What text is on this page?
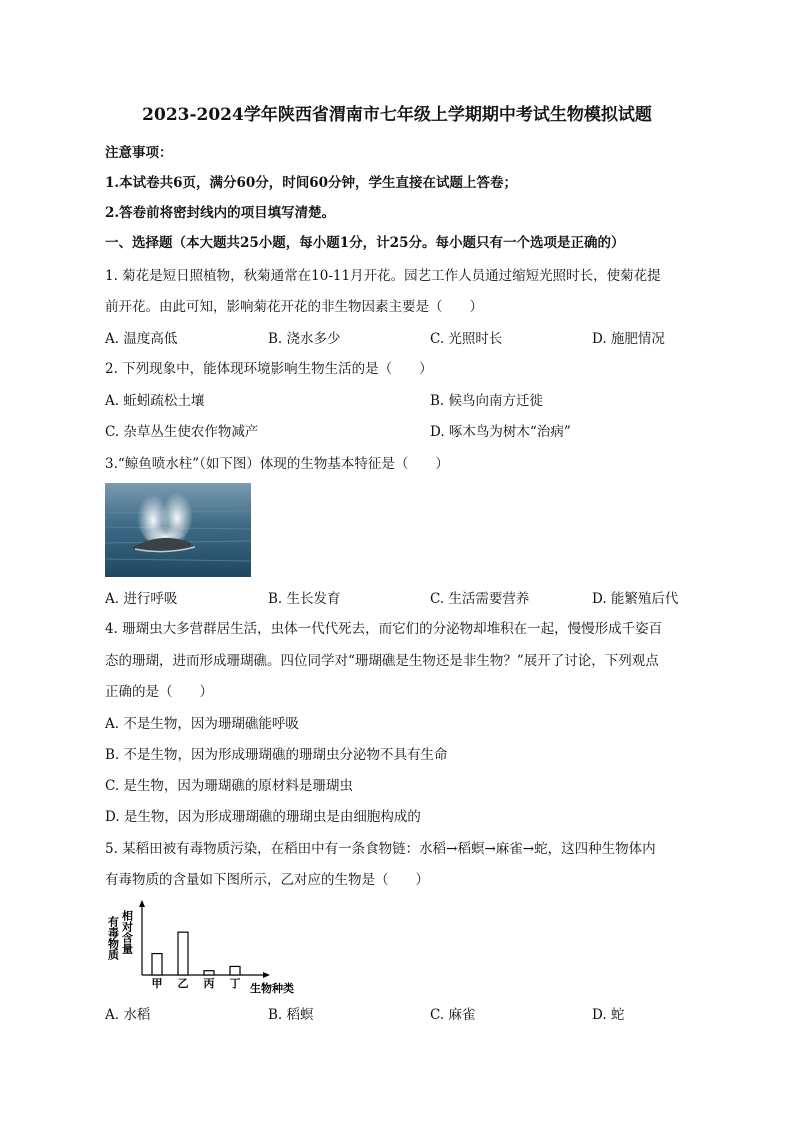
2023-2024学年陕西省渭南市七年级上学期期中考试生物模拟试题
注意事项：
1.本试卷共6页，满分60分，时间60分钟，学生直接在试题上答卷；
2.答卷前将密封线内的项目填写清楚。
一、选择题（本大题共25小题，每小题1分，计25分。每小题只有一个选项是正确的）
1. 菊花是短日照植物，秋菊通常在10-11月开花。园艺工作人员通过缩短光照时长，使菊花提
前开花。由此可知，影响菊花开花的非生物因素主要是（　　）
A. 温度高低	B. 浇水多少	C. 光照时长	D. 施肥情况
2. 下列现象中，能体现环境影响生物生活的是（　　）
A. 蚯蚓疏松土壤	B. 候鸟向南方迁徙
C. 杂草丛生使农作物减产	D. 啄木鸟为树木“治病”
3.“鲸鱼喷水柱”（如下图）体现的生物基本特征是（　　）
A. 进行呼吸	B. 生长发育	C. 生活需要营养	D. 能繁殖后代
4. 珊瑚虫大多营群居生活，虫体一代代死去，而它们的分泌物却堆积在一起，慢慢形成千姿百
态的珊瑚，进而形成珊瑚礁。四位同学对“珊瑚礁是生物还是非生物？”展开了讨论，下列观点
正确的是（　　）
A. 不是生物，因为珊瑚礁能呼吸
B. 不是生物，因为形成珊瑚礁的珊瑚虫分泌物不具有生命
C. 是生物，因为珊瑚礁的原材料是珊瑚虫
D. 是生物，因为形成珊瑚礁的珊瑚虫是由细胞构成的
5. 某稻田被有毒物质污染，在稻田中有一条食物链：水稻→稻螟→麻雀→蛇，这四种生物体内
有毒物质的含量如下图所示，乙对应的生物是（　　）
有毒物质 相对含量
甲 乙 丙 丁 生物种类
A. 水稻	B. 稻螟	C. 麻雀	D. 蛇
